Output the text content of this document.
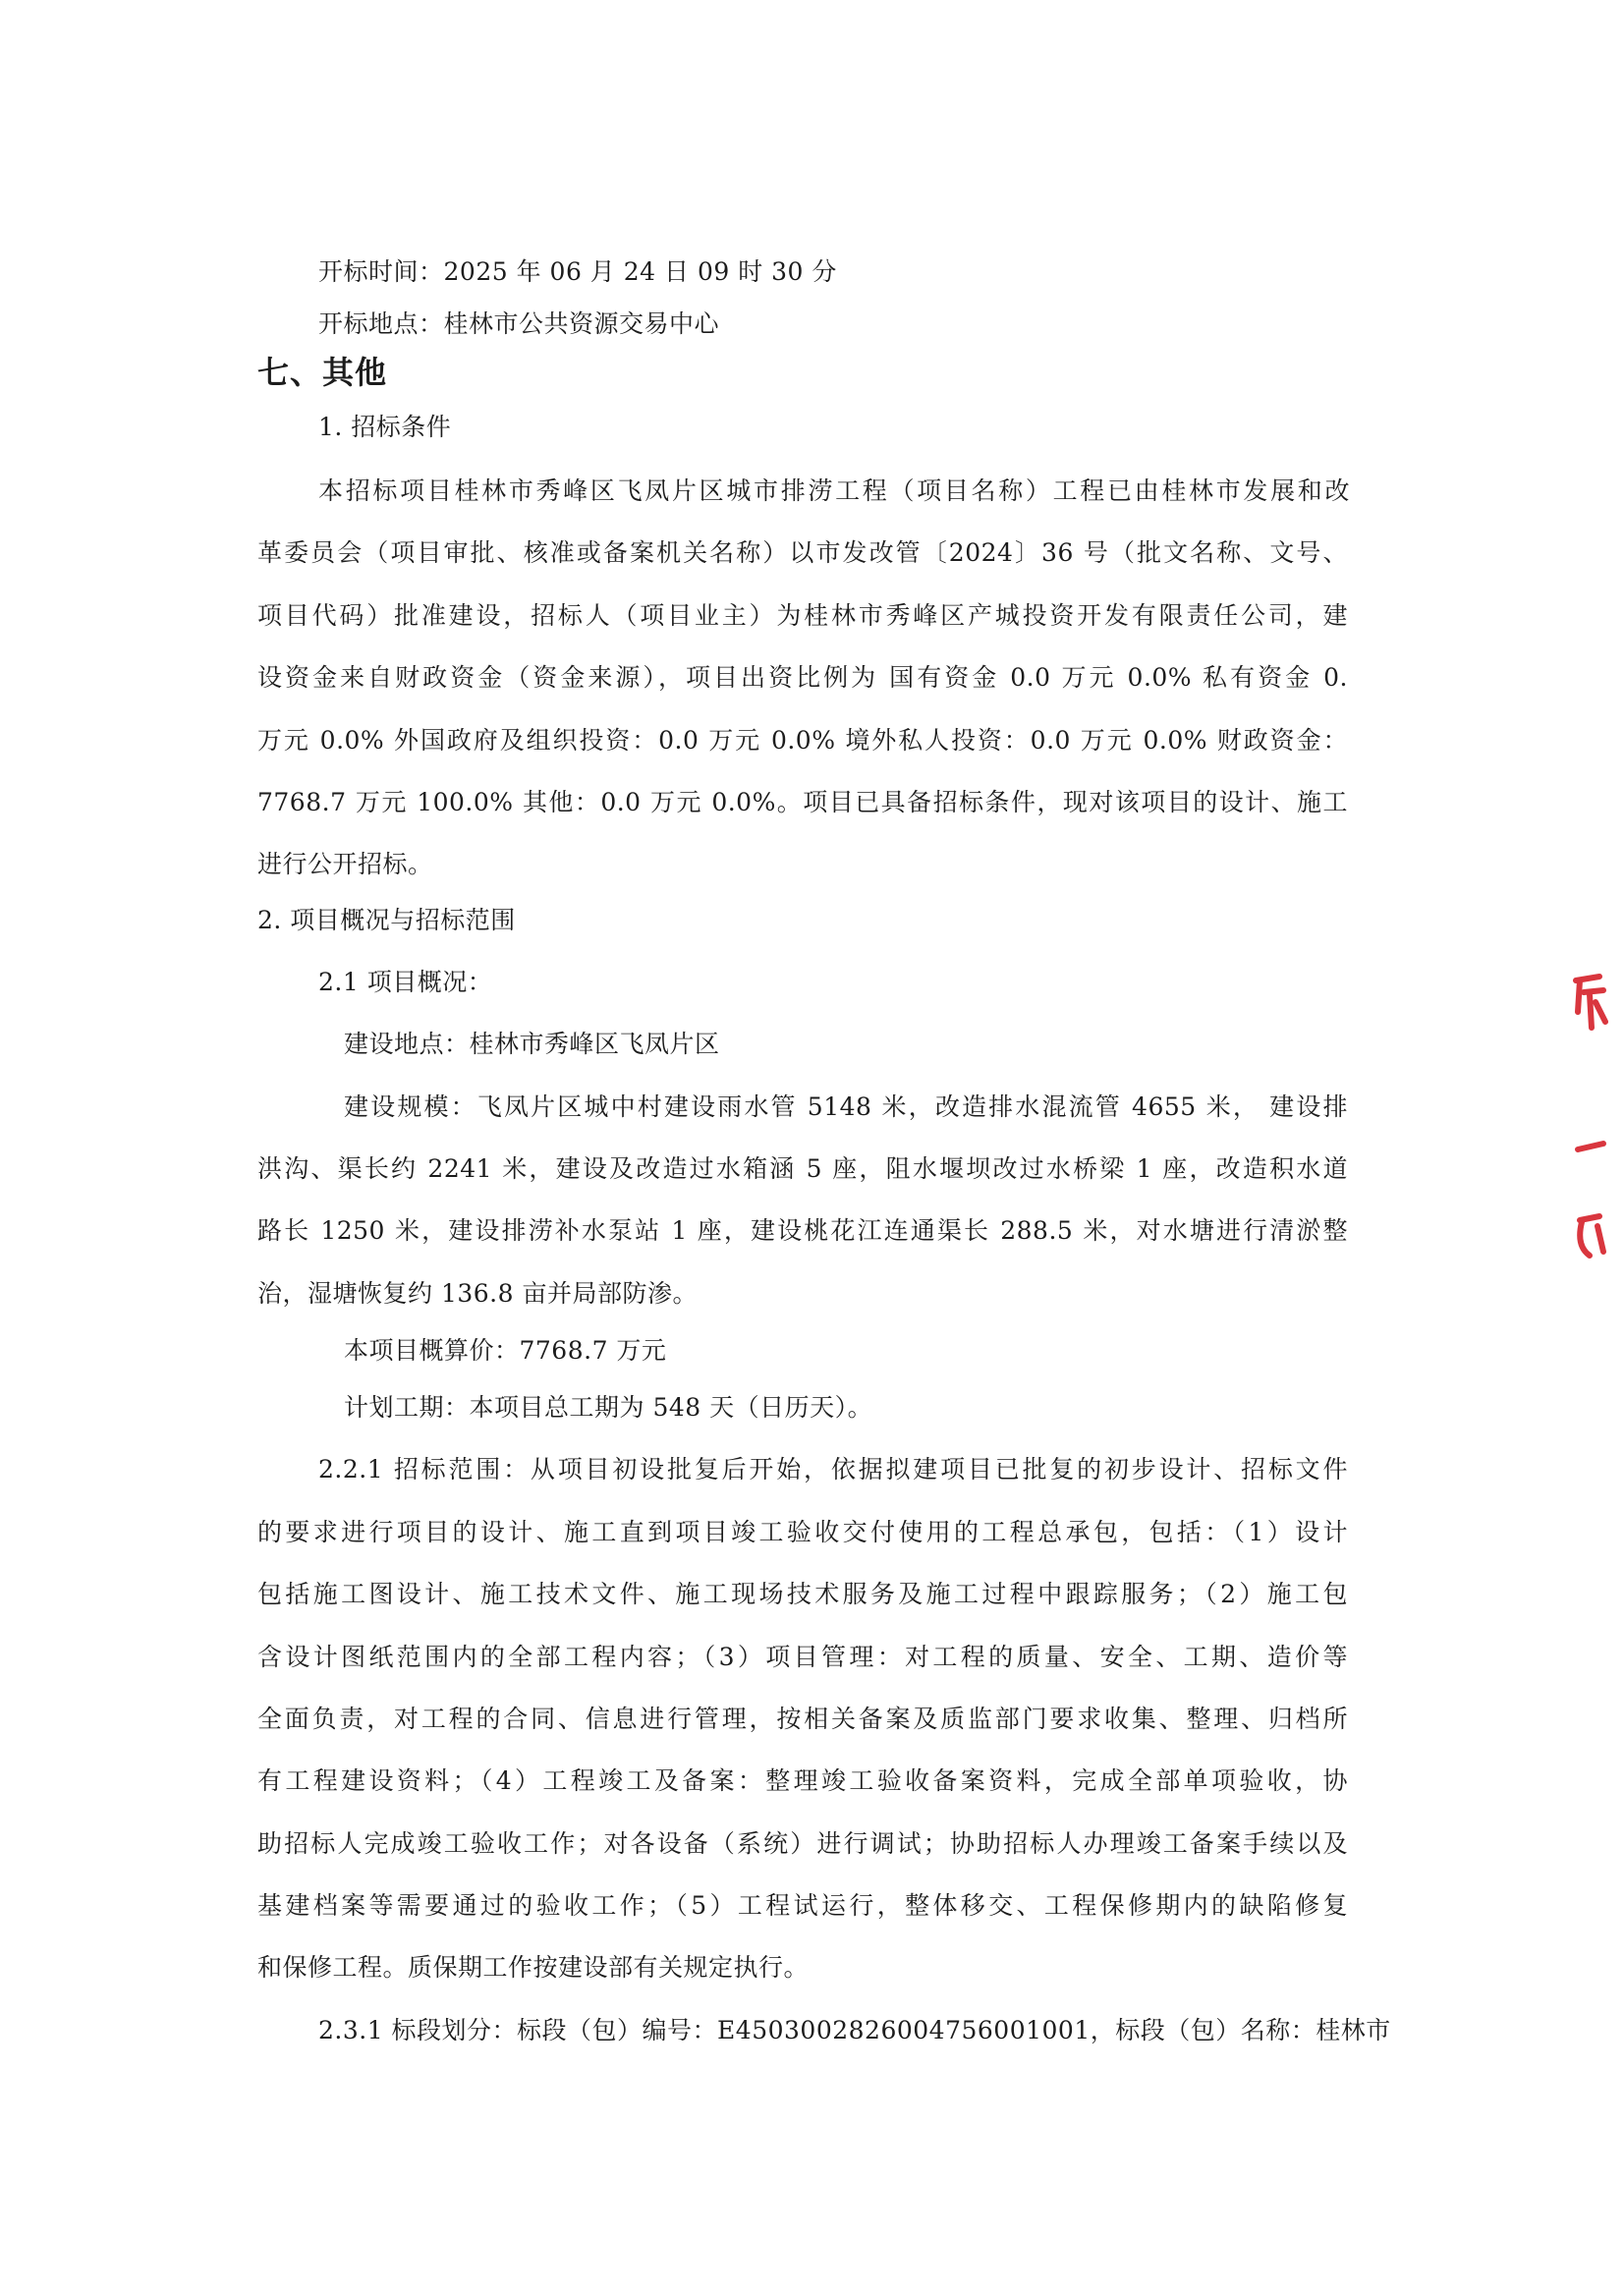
开标时间：2025 年 06 月 24 日 09 时 30 分
开标地点：桂林市公共资源交易中心
七、其他
1. 招标条件
本招标项目桂林市秀峰区飞凤片区城市排涝工程（项目名称）工程已由桂林市发展和改
革委员会（项目审批、核准或备案机关名称）以市发改管〔2024〕36 号（批文名称、文号、
项目代码）批准建设，招标人（项目业主）为桂林市秀峰区产城投资开发有限责任公司，建
设资金来自财政资金（资金来源），项目出资比例为 国有资金 0.0 万元 0.0% 私有资金 0.
万元 0.0% 外国政府及组织投资：0.0 万元 0.0% 境外私人投资：0.0 万元 0.0% 财政资金：
7768.7 万元 100.0% 其他：0.0 万元 0.0%。项目已具备招标条件，现对该项目的设计、施工
进行公开招标。
2. 项目概况与招标范围
2.1 项目概况：
建设地点：桂林市秀峰区飞凤片区
建设规模：飞凤片区城中村建设雨水管 5148 米，改造排水混流管 4655 米， 建设排
洪沟、渠长约 2241 米，建设及改造过水箱涵 5 座，阻水堰坝改过水桥梁 1 座，改造积水道
路长 1250 米，建设排涝补水泵站 1 座，建设桃花江连通渠长 288.5 米，对水塘进行清淤整
治，湿塘恢复约 136.8 亩并局部防渗。
本项目概算价：7768.7 万元
计划工期：本项目总工期为 548 天（日历天）。
2.2.1 招标范围：从项目初设批复后开始，依据拟建项目已批复的初步设计、招标文件
的要求进行项目的设计、施工直到项目竣工验收交付使用的工程总承包，包括：（1）设计
包括施工图设计、施工技术文件、施工现场技术服务及施工过程中跟踪服务；（2）施工包
含设计图纸范围内的全部工程内容；（3）项目管理：对工程的质量、安全、工期、造价等
全面负责，对工程的合同、信息进行管理，按相关备案及质监部门要求收集、整理、归档所
有工程建设资料；（4）工程竣工及备案：整理竣工验收备案资料，完成全部单项验收，协
助招标人完成竣工验收工作；对各设备（系统）进行调试；协助招标人办理竣工备案手续以及
基建档案等需要通过的验收工作；（5）工程试运行，整体移交、工程保修期内的缺陷修复
和保修工程。质保期工作按建设部有关规定执行。
2.3.1 标段划分：标段（包）编号：E4503002826004756001001，标段（包）名称：桂林市
